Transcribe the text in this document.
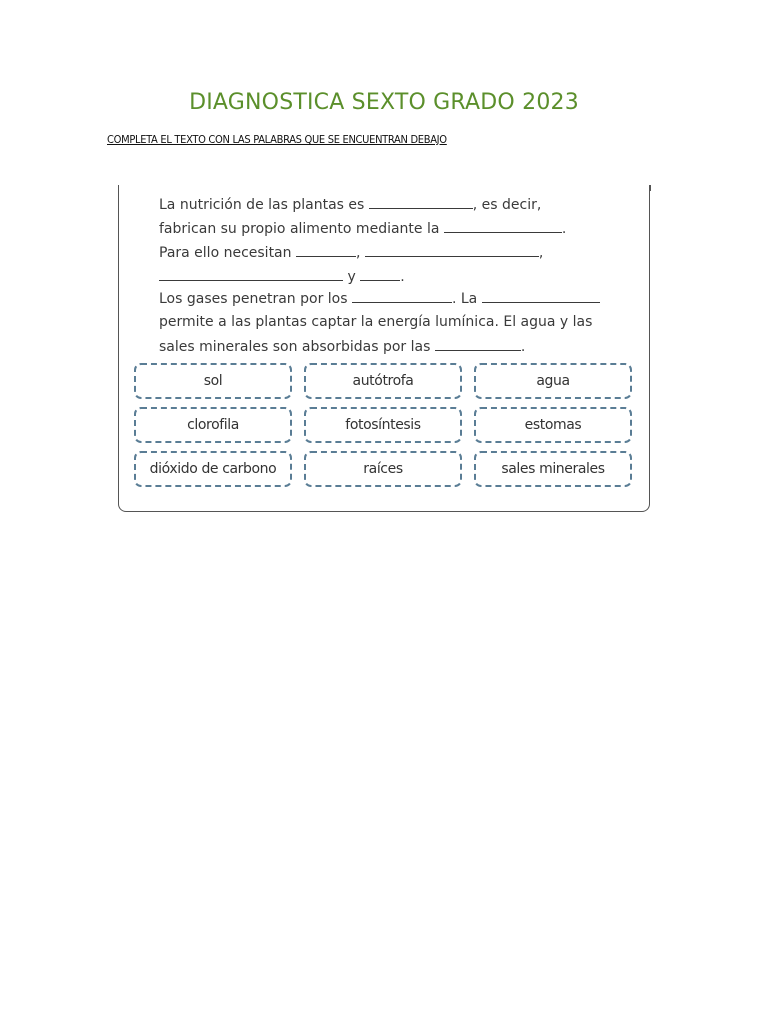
DIAGNOSTICA SEXTO GRADO 2023
COMPLETA EL TEXTO CON LAS PALABRAS QUE SE ENCUENTRAN DEBAJO
La nutrición de las plantas es	, es decir,
fabrican su propio alimento mediante la	.
Para ello necesitan	,	,
y	.
Los gases penetran por los	. La
permite a las plantas captar la energía lumínica. El agua y las
sales minerales son absorbidas por las	.
sol	autótrofa	agua
clorofila	fotosíntesis	estomas
dióxido de carbono	raíces	sales minerales
